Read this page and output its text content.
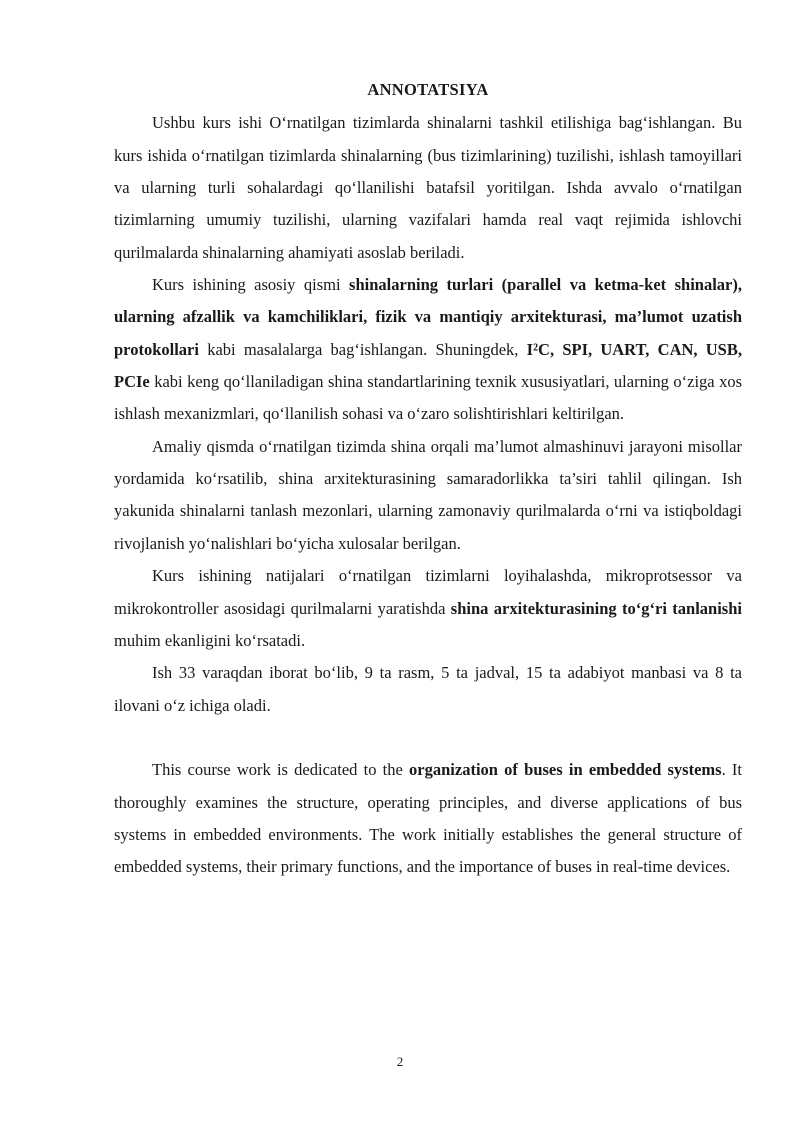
ANNOTATSIYA

Ushbu kurs ishi O‘rnatilgan tizimlarda shinalarni tashkil etilishiga bag‘ishlangan. Bu kurs ishida o‘rnatilgan tizimlarda shinalarning (bus tizimlarining) tuzilishi, ishlash tamoyillari va ularning turli sohalardagi qo‘llanilishi batafsil yoritilgan. Ishda avvalo o‘rnatilgan tizimlarning umumiy tuzilishi, ularning vazifalari hamda real vaqt rejimida ishlovchi qurilmalarda shinalarning ahamiyati asoslab beriladi.

Kurs ishining asosiy qismi shinalarning turlari (parallel va ketma-ket shinalar), ularning afzallik va kamchiliklari, fizik va mantiqiy arxitekturasi, ma’lumot uzatish protokollari kabi masalalarga bag‘ishlangan. Shuningdek, I²C, SPI, UART, CAN, USB, PCIe kabi keng qo‘llaniladigan shina standartlarining texnik xususiyatlari, ularning o‘ziga xos ishlash mexanizmlari, qo‘llanilish sohasi va o‘zaro solishtirishlari keltirilgan.

Amaliy qismda o‘rnatilgan tizimda shina orqali ma’lumot almashinuvi jarayoni misollar yordamida ko‘rsatilib, shina arxitekturasining samaradorlikka ta’siri tahlil qilingan. Ish yakunida shinalarni tanlash mezonlari, ularning zamonaviy qurilmalarda o‘rni va istiqboldagi rivojlanish yo‘nalishlari bo‘yicha xulosalar berilgan.

Kurs ishining natijalari o‘rnatilgan tizimlarni loyihalashda, mikroprotsessor va mikrokontroller asosidagi qurilmalarni yaratishda shina arxitekturasining to‘g‘ri tanlanishi muhim ekanligini ko‘rsatadi.

Ish 33 varaqdan iborat bo‘lib, 9 ta rasm, 5 ta jadval, 15 ta adabiyot manbasi va 8 ta ilovani o‘z ichiga oladi.

This course work is dedicated to the organization of buses in embedded systems. It thoroughly examines the structure, operating principles, and diverse applications of bus systems in embedded environments. The work initially establishes the general structure of embedded systems, their primary functions, and the importance of buses in real-time devices.

2
